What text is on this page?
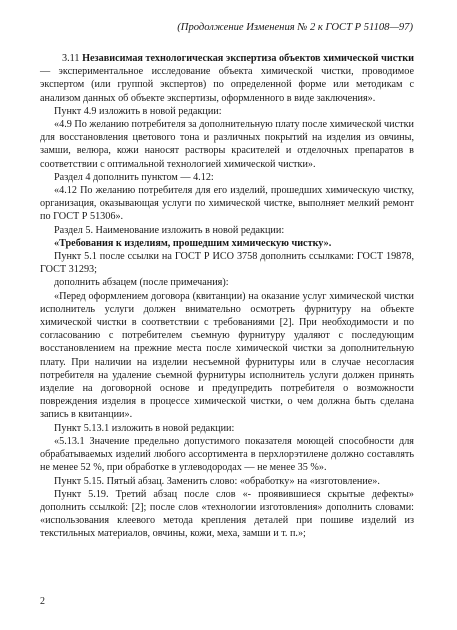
(Продолжение Изменения № 2 к ГОСТ Р 51108—97)

3.11 Независимая технологическая экспертиза объектов химической чистки — экспериментальное исследование объекта химической чистки, проводимое экспертом (или группой экспертов) по определенной форме или методикам с анализом данных об объекте экспертизы, оформленного в виде заключения».

Пункт 4.9 изложить в новой редакции:

«4.9 По желанию потребителя за дополнительную плату после химической чистки для восстановления цветового тона и различных покрытий на изделия из овчины, замши, велюра, кожи наносят растворы красителей и отделочных препаратов в соответствии с оптимальной технологией химической чистки».

Раздел 4 дополнить пунктом — 4.12:

«4.12 По желанию потребителя для его изделий, прошедших химическую чистку, организация, оказывающая услуги по химической чистке, выполняет мелкий ремонт по ГОСТ Р 51306».

Раздел 5. Наименование изложить в новой редакции:

«Требования к изделиям, прошедшим химическую чистку».

Пункт 5.1 после ссылки на ГОСТ Р ИСО 3758 дополнить ссылками: ГОСТ 19878, ГОСТ 31293;

дополнить абзацем (после примечания):

«Перед оформлением договора (квитанции) на оказание услуг химической чистки исполнитель услуги должен внимательно осмотреть фурнитуру на объекте химической чистки в соответствии с требованиями [2]. При необходимости и по согласованию с потребителем съемную фурнитуру удаляют с последующим восстановлением на прежние места после химической чистки за дополнительную плату. При наличии на изделии несъемной фурнитуры или в случае несогласия потребителя на удаление съемной фурнитуры исполнитель услуги должен принять изделие на договорной основе и предупредить потребителя о возможности повреждения изделия в процессе химической чистки, о чем должна быть сделана запись в квитанции».

Пункт 5.13.1 изложить в новой редакции:

«5.13.1 Значение предельно допустимого показателя моющей способности для обрабатываемых изделий любого ассортимента в перхлорэтилене должно составлять не менее 52 %, при обработке в углеводородах — не менее 35 %».

Пункт 5.15. Пятый абзац. Заменить слово: «обработку» на «изготовление».

Пункт 5.19. Третий абзац после слов «- проявившиеся скрытые дефекты» дополнить ссылкой: [2]; после слов «технологии изготовления» дополнить словами: «использования клеевого метода крепления деталей при пошиве изделий из текстильных материалов, овчины, кожи, меха, замши и т. п.»;

2
